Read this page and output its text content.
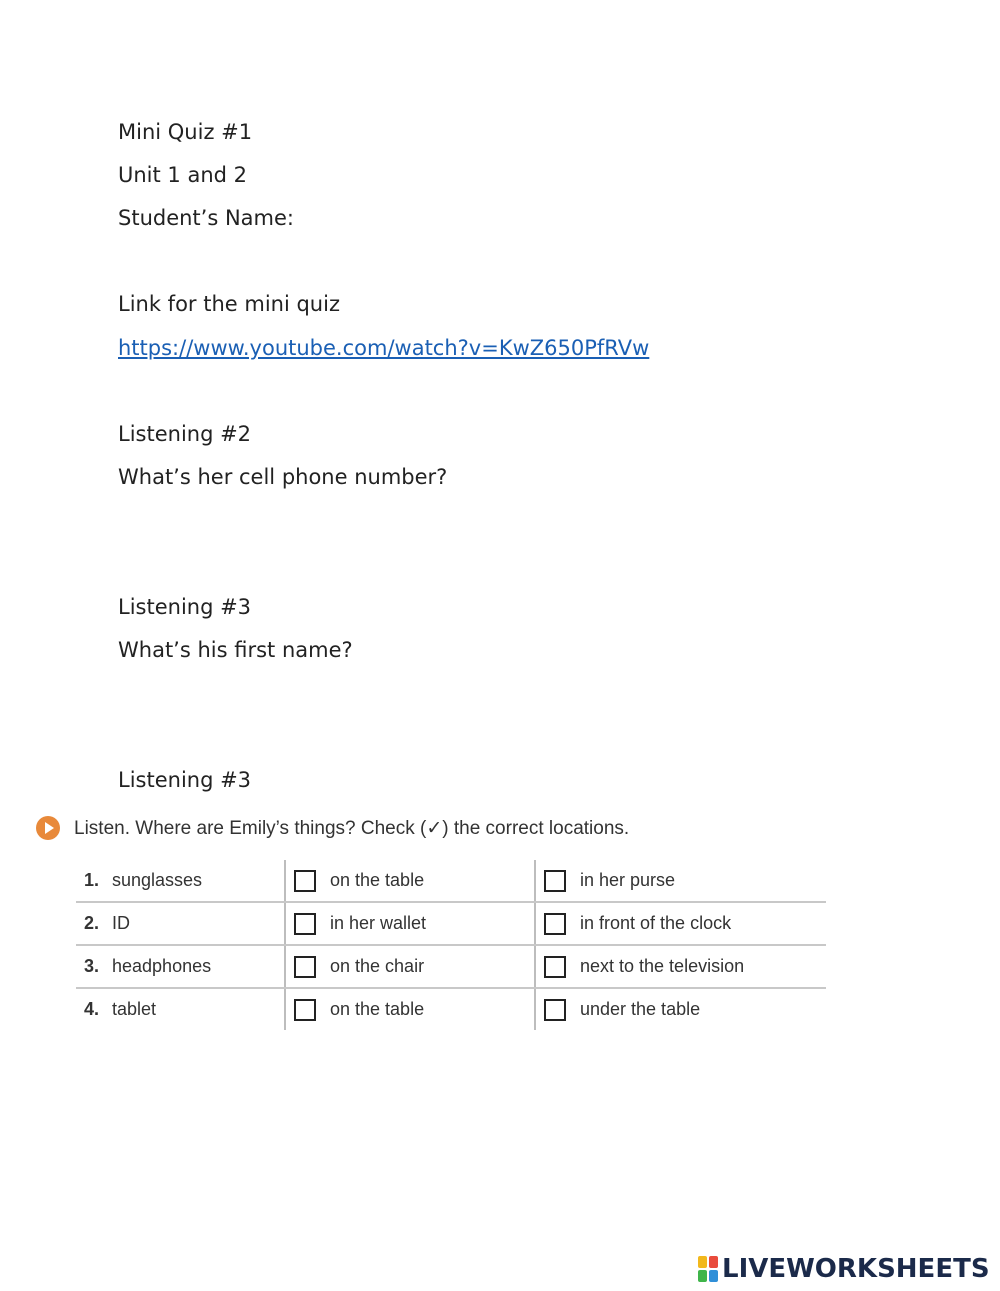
Mini Quiz #1
Unit 1 and 2
Student’s Name:
Link for the mini quiz
https://www.youtube.com/watch?v=KwZ650PfRVw
Listening #2
What’s her cell phone number?
Listening #3
What’s his first name?
Listening #3
Listen. Where are Emily’s things? Check (✓) the correct locations.
1. sunglasses	on the table	in her purse

2. ID	in her wallet	in front of the clock

3. headphones	on the chair	next to the television

4. tablet	on the table	under the table
LIVEWORKSHEETS
